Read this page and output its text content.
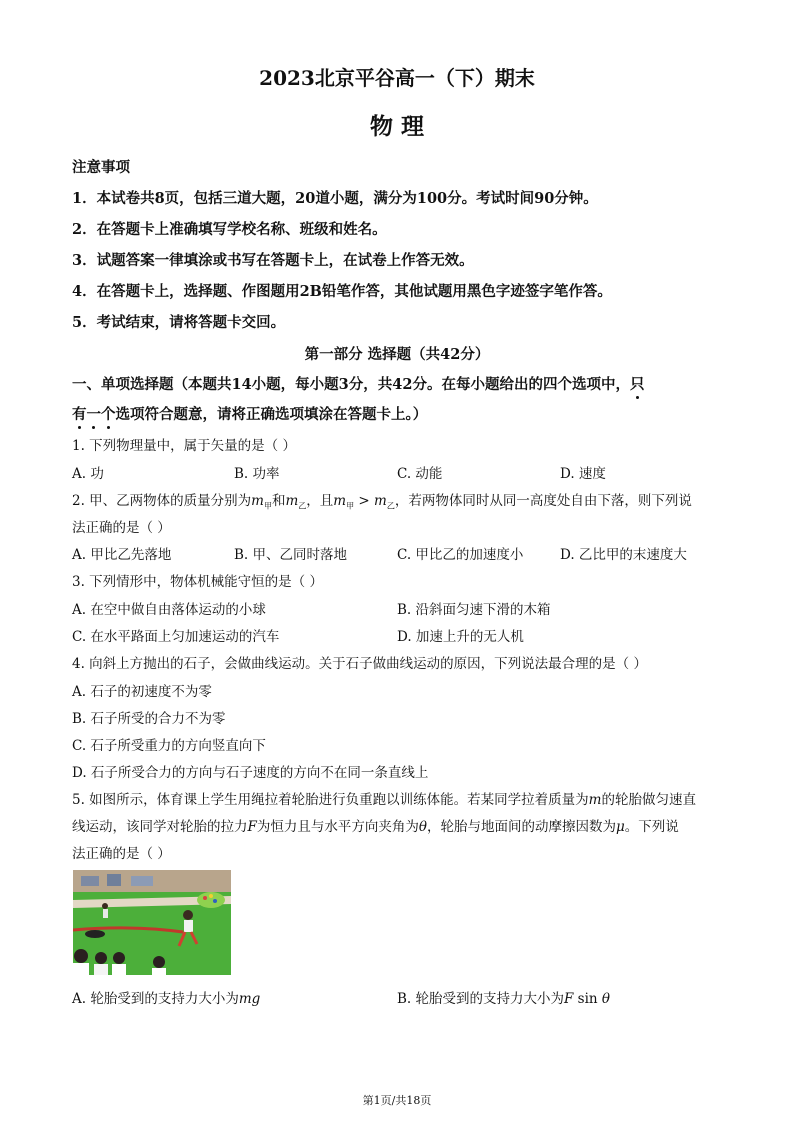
2023北京平谷高一（下）期末
物 理
注意事项
1．本试卷共8页，包括三道大题，20道小题，满分为100分。考试时间90分钟。
2．在答题卡上准确填写学校名称、班级和姓名。
3．试题答案一律填涂或书写在答题卡上，在试卷上作答无效。
4．在答题卡上，选择题、作图题用2B铅笔作答，其他试题用黑色字迹签字笔作答。
5．考试结束，请将答题卡交回。
第一部分 选择题（共42分）
一、单项选择题（本题共14小题，每小题3分，共42分。在每小题给出的四个选项中，只
有
一
个
选项符合题意，请将正确选项填涂在答题卡上。）
1. 下列物理量中，属于矢量的是（ ）
A. 功	B. 功率	C. 动能	D. 速度
2. 甲、乙两物体的质量分别为$m_甲$和$m_乙$，且$m_甲 > m_乙$，若两物体同时从同一高度处自由下落，则下列说
法正确的是（ ）
A. 甲比乙先落地	B. 甲、乙同时落地	C. 甲比乙的加速度小	D. 乙比甲的末速度大
3. 下列情形中，物体机械能守恒的是（ ）
A. 在空中做自由落体运动的小球	B. 沿斜面匀速下滑的木箱
C. 在水平路面上匀加速运动的汽车	D. 加速上升的无人机
4. 向斜上方抛出的石子，会做曲线运动。关于石子做曲线运动的原因，下列说法最合理的是（ ）
A. 石子的初速度不为零
B. 石子所受的合力不为零
C. 石子所受重力的方向竖直向下
D. 石子所受合力的方向与石子速度的方向不在同一条直线上
5. 如图所示，体育课上学生用绳拉着轮胎进行负重跑以训练体能。若某同学拉着质量为m的轮胎做匀速直
线运动，该同学对轮胎的拉力F为恒力且与水平方向夹角为θ，轮胎与地面间的动摩擦因数为μ。下列说
法正确的是（ ）
A. 轮胎受到的支持力大小为mg	B. 轮胎受到的支持力大小为F sin θ
第1页/共18页
